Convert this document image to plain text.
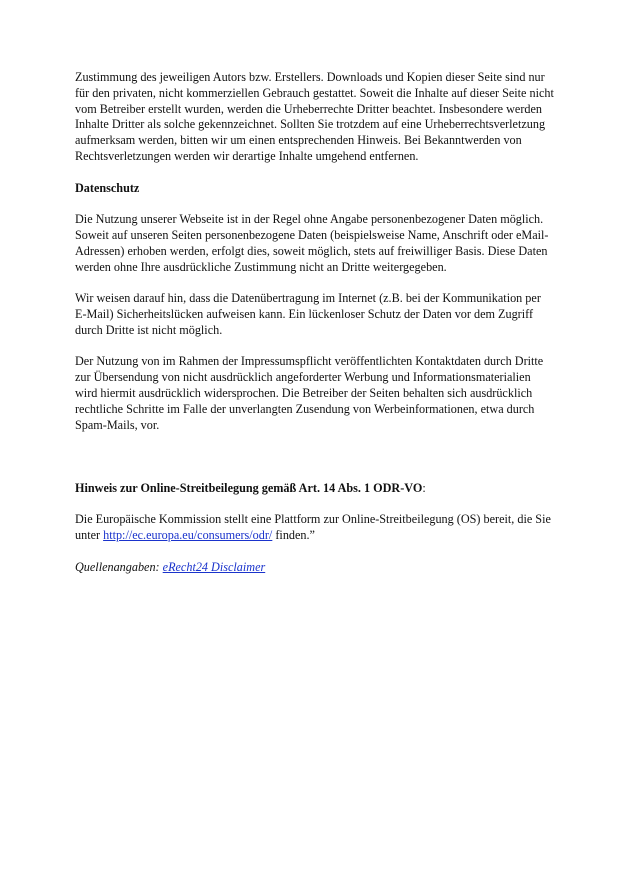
Zustimmung des jeweiligen Autors bzw. Erstellers. Downloads und Kopien dieser Seite sind nur für den privaten, nicht kommerziellen Gebrauch gestattet. Soweit die Inhalte auf dieser Seite nicht vom Betreiber erstellt wurden, werden die Urheberrechte Dritter beachtet. Insbesondere werden Inhalte Dritter als solche gekennzeichnet. Sollten Sie trotzdem auf eine Urheberrechtsverletzung aufmerksam werden, bitten wir um einen entsprechenden Hinweis. Bei Bekanntwerden von Rechtsverletzungen werden wir derartige Inhalte umgehend entfernen.

Datenschutz

Die Nutzung unserer Webseite ist in der Regel ohne Angabe personenbezogener Daten möglich. Soweit auf unseren Seiten personenbezogene Daten (beispielsweise Name, Anschrift oder eMail-Adressen) erhoben werden, erfolgt dies, soweit möglich, stets auf freiwilliger Basis. Diese Daten werden ohne Ihre ausdrückliche Zustimmung nicht an Dritte weitergegeben.

Wir weisen darauf hin, dass die Datenübertragung im Internet (z.B. bei der Kommunikation per E-Mail) Sicherheitslücken aufweisen kann. Ein lückenloser Schutz der Daten vor dem Zugriff durch Dritte ist nicht möglich.

Der Nutzung von im Rahmen der Impressumspflicht veröffentlichten Kontaktdaten durch Dritte zur Übersendung von nicht ausdrücklich angeforderter Werbung und Informationsmaterialien wird hiermit ausdrücklich widersprochen. Die Betreiber der Seiten behalten sich ausdrücklich rechtliche Schritte im Falle der unverlangten Zusendung von Werbeinformationen, etwa durch Spam-Mails, vor.

Hinweis zur Online-Streitbeilegung gemäß Art. 14 Abs. 1 ODR-VO:

Die Europäische Kommission stellt eine Plattform zur Online-Streitbeilegung (OS) bereit, die Sie unter http://ec.europa.eu/consumers/odr/ finden.”

Quellenangaben: eRecht24 Disclaimer
